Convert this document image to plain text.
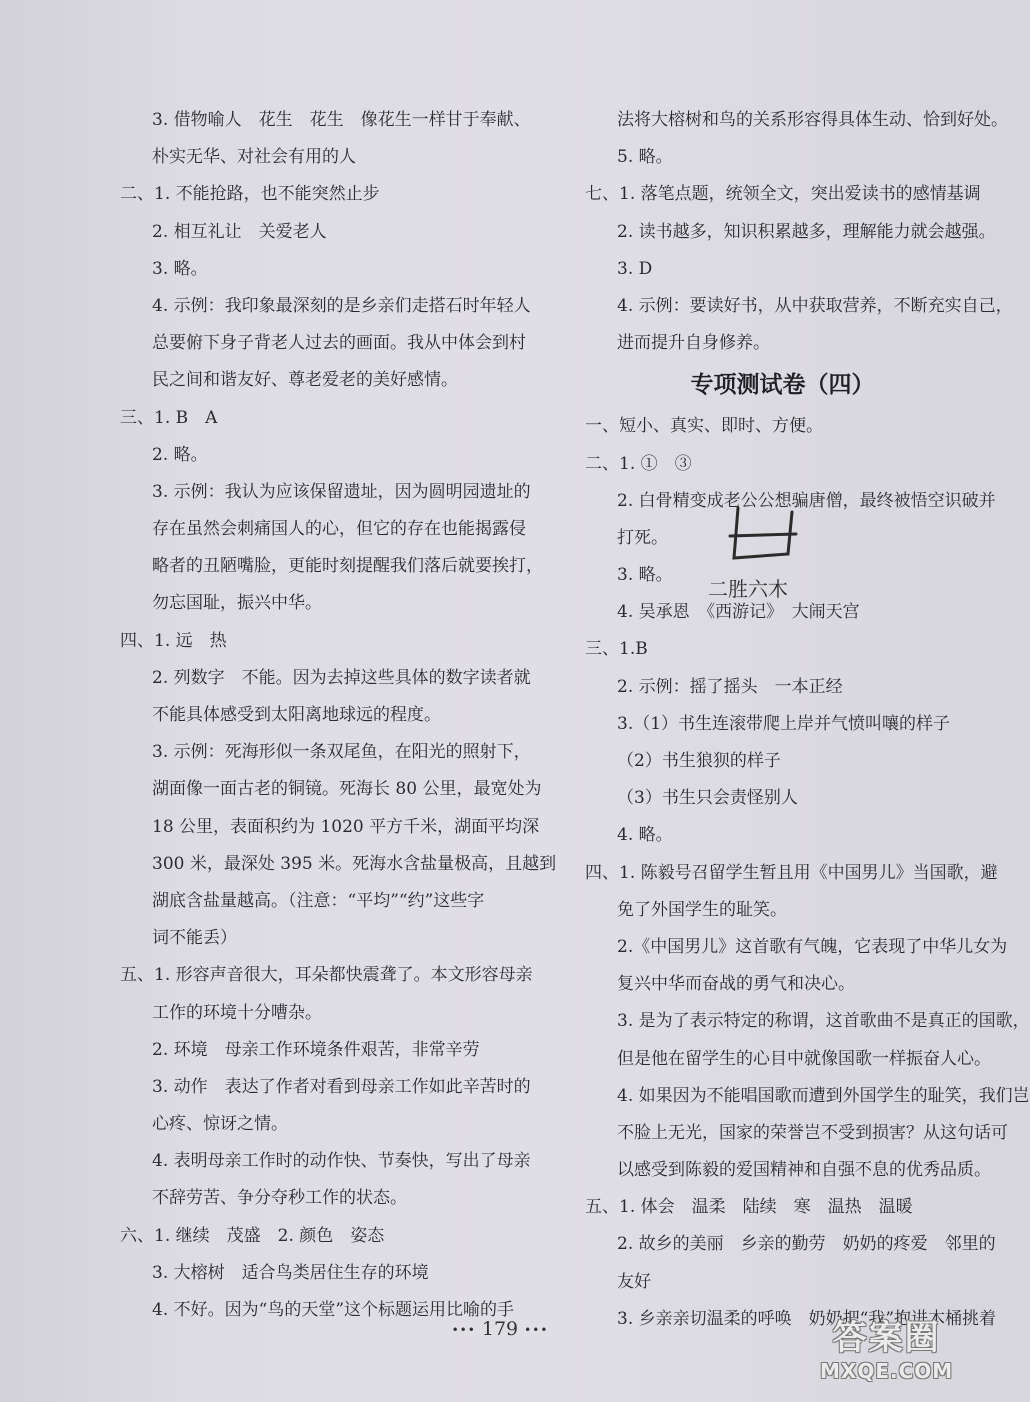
3. 借物喻人　花生　花生　像花生一样甘于奉献、
朴实无华、对社会有用的人
二、1. 不能抢路，也不能突然止步
2. 相互礼让　关爱老人
3. 略。
4. 示例：我印象最深刻的是乡亲们走搭石时年轻人
总要俯下身子背老人过去的画面。我从中体会到村
民之间和谐友好、尊老爱老的美好感情。
三、1. B　A
2. 略。
3. 示例：我认为应该保留遗址，因为圆明园遗址的
存在虽然会刺痛国人的心，但它的存在也能揭露侵
略者的丑陋嘴脸，更能时刻提醒我们落后就要挨打，
勿忘国耻，振兴中华。
四、1. 远　热
2. 列数字　不能。因为去掉这些具体的数字读者就
不能具体感受到太阳离地球远的程度。
3. 示例：死海形似一条双尾鱼，在阳光的照射下，
湖面像一面古老的铜镜。死海长 80 公里，最宽处为
18 公里，表面积约为 1020 平方千米，湖面平均深
300 米，最深处 395 米。死海水含盐量极高，且越到
湖底含盐量越高。（注意：“平均”“约”这些字
词不能丢）
五、1. 形容声音很大，耳朵都快震聋了。本文形容母亲
工作的环境十分嘈杂。
2. 环境　母亲工作环境条件艰苦，非常辛劳
3. 动作　表达了作者对看到母亲工作如此辛苦时的
心疼、惊讶之情。
4. 表明母亲工作时的动作快、节奏快，写出了母亲
不辞劳苦、争分夺秒工作的状态。
六、1. 继续　茂盛　2. 颜色　姿态
3. 大榕树　适合鸟类居住生存的环境
4. 不好。因为“鸟的天堂”这个标题运用比喻的手
法将大榕树和鸟的关系形容得具体生动、恰到好处。
5. 略。
七、1. 落笔点题，统领全文，突出爱读书的感情基调
2. 读书越多，知识积累越多，理解能力就会越强。
3. D
4. 示例：要读好书，从中获取营养，不断充实自己，
进而提升自身修养。
专项测试卷（四）
一、短小、真实、即时、方便。
二、1. ①　③
2. 白骨精变成老公公想骗唐僧，最终被悟空识破并
打死。
3. 略。
4. 吴承恩　《西游记》　大闹天宫
三、1.B
2. 示例：摇了摇头　一本正经
3.（1）书生连滚带爬上岸并气愤叫嚷的样子
（2）书生狼狈的样子
（3）书生只会责怪别人
4. 略。
四、1. 陈毅号召留学生暂且用《中国男儿》当国歌，避
免了外国学生的耻笑。
2.《中国男儿》这首歌有气魄，它表现了中华儿女为
复兴中华而奋战的勇气和决心。
3. 是为了表示特定的称谓，这首歌曲不是真正的国歌，
但是他在留学生的心目中就像国歌一样振奋人心。
4. 如果因为不能唱国歌而遭到外国学生的耻笑，我们岂
不脸上无光，国家的荣誉岂不受到损害？从这句话可
以感受到陈毅的爱国精神和自强不息的优秀品质。
五、1. 体会　温柔　陆续　寒　温热　温暖
2. 故乡的美丽　乡亲的勤劳　奶奶的疼爱　邻里的
友好
3. 乡亲亲切温柔的呼唤　奶奶把“我”抱进木桶挑着
二胜六木
••• 179 •••	答案圈
MXQE.COM
